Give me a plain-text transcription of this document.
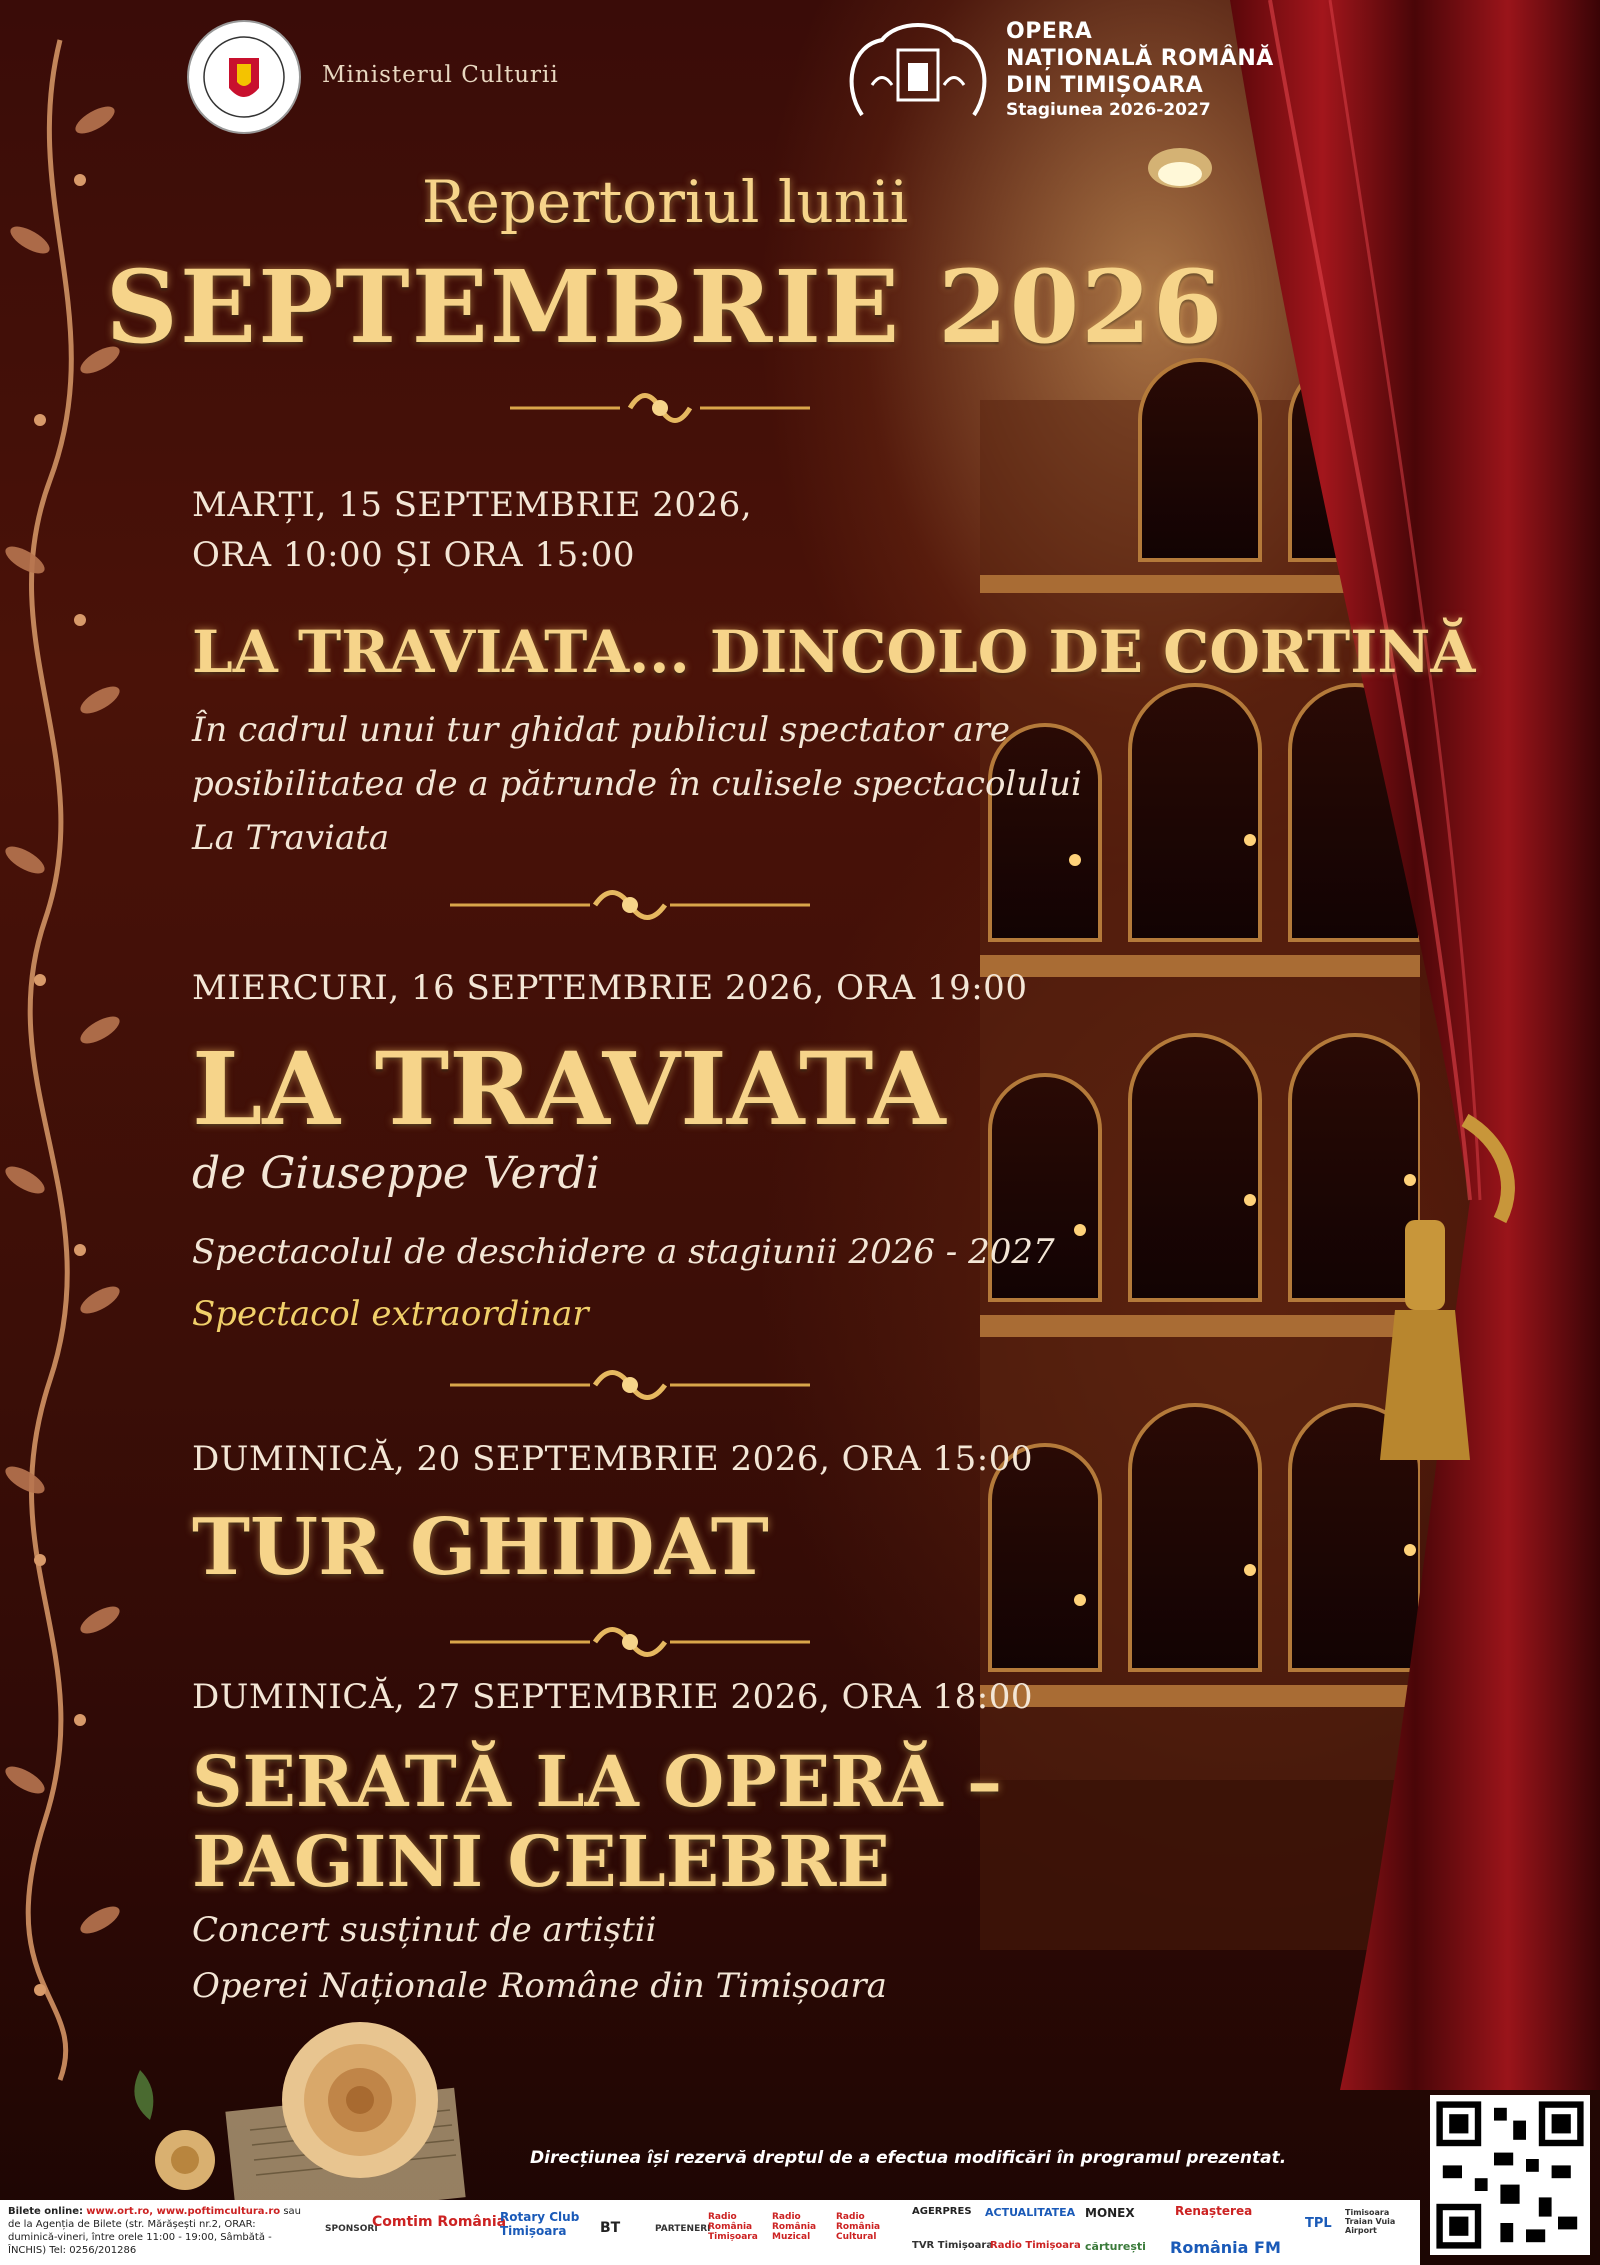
Ministerul Culturii
OPERA
NAȚIONALĂ ROMÂNĂ
DIN TIMIȘOARA
Stagiunea 2026-2027
Repertoriul lunii
SEPTEMBRIE 2026
MARȚI, 15 SEPTEMBRIE 2026,
ORA 10:00 ȘI ORA 15:00
LA TRAVIATA... DINCOLO DE CORTINĂ
În cadrul unui tur ghidat publicul spectator are
posibilitatea de a pătrunde în culisele spectacolului
La Traviata
MIERCURI, 16 SEPTEMBRIE 2026, ORA 19:00
LA TRAVIATA
de Giuseppe Verdi
Spectacolul de deschidere a stagiunii 2026 - 2027
Spectacol extraordinar
DUMINICĂ, 20 SEPTEMBRIE 2026, ORA 15:00
TUR GHIDAT
DUMINICĂ, 27 SEPTEMBRIE 2026, ORA 18:00
SERATĂ LA OPERĂ –
PAGINI CELEBRE
Concert susținut de artiștii
Operei Naționale Române din Timișoara
Direcțiunea își rezervă dreptul de a efectua modificări în programul prezentat.
Bilete online: www.ort.ro, www.poftimcultura.ro sau de la Agenția de Bilete (str. Mărășești nr.2, ORAR: duminică-vineri, între orele 11:00 - 19:00, Sâmbătă - ÎNCHIS) Tel: 0256/201286
SPONSORI
Comtim România
Rotary Club Timișoara	BT	PARTENERI
Radio România Timișoara
Radio România Muzical
Radio România Cultural
AGERPRES
TVR Timișoara
ACTUALITATEA
Radio Timișoara
MONEX	Renașterea
cărturești România FM
TPL
Timisoara Traian Vuia Airport
